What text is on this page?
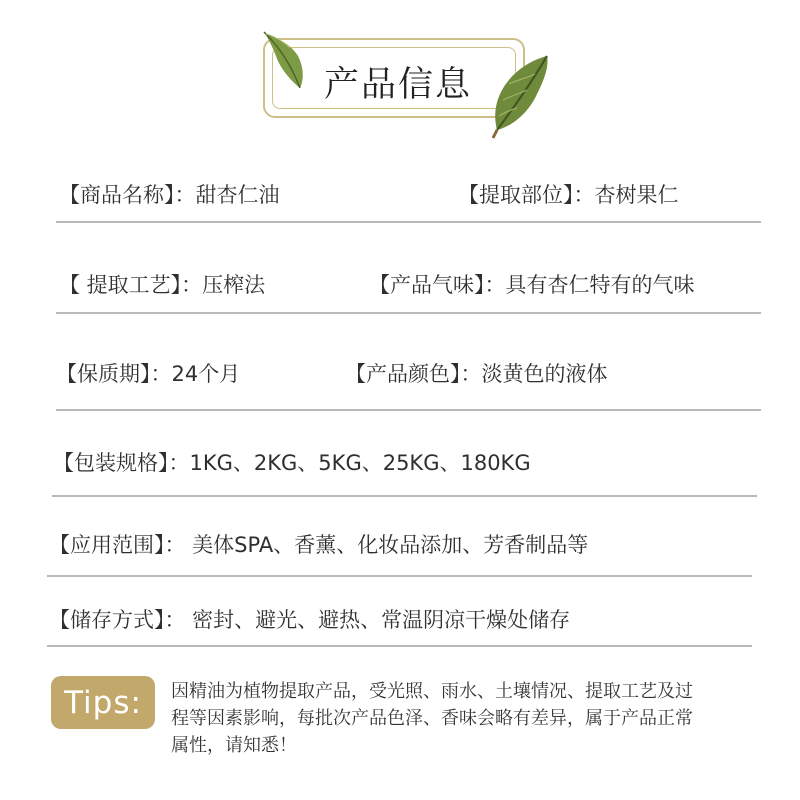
产品信息
【商品名称】：甜杏仁油	【提取部位】：杏树果仁
【 提取工艺】：压榨法	【产品气味】：具有杏仁特有的气味
【保质期】：24个月	【产品颜色】：淡黄色的液体
【包装规格】：1KG、2KG、5KG、25KG、180KG
【应用范围】： 美体SPA、香薰、化妆品添加、芳香制品等
【储存方式】： 密封、避光、避热、常温阴凉干燥处储存
Tips:	因精油为植物提取产品，受光照、雨水、土壤情况、提取工艺及过
程等因素影响，每批次产品色泽、香味会略有差异，属于产品正常
属性，请知悉！
